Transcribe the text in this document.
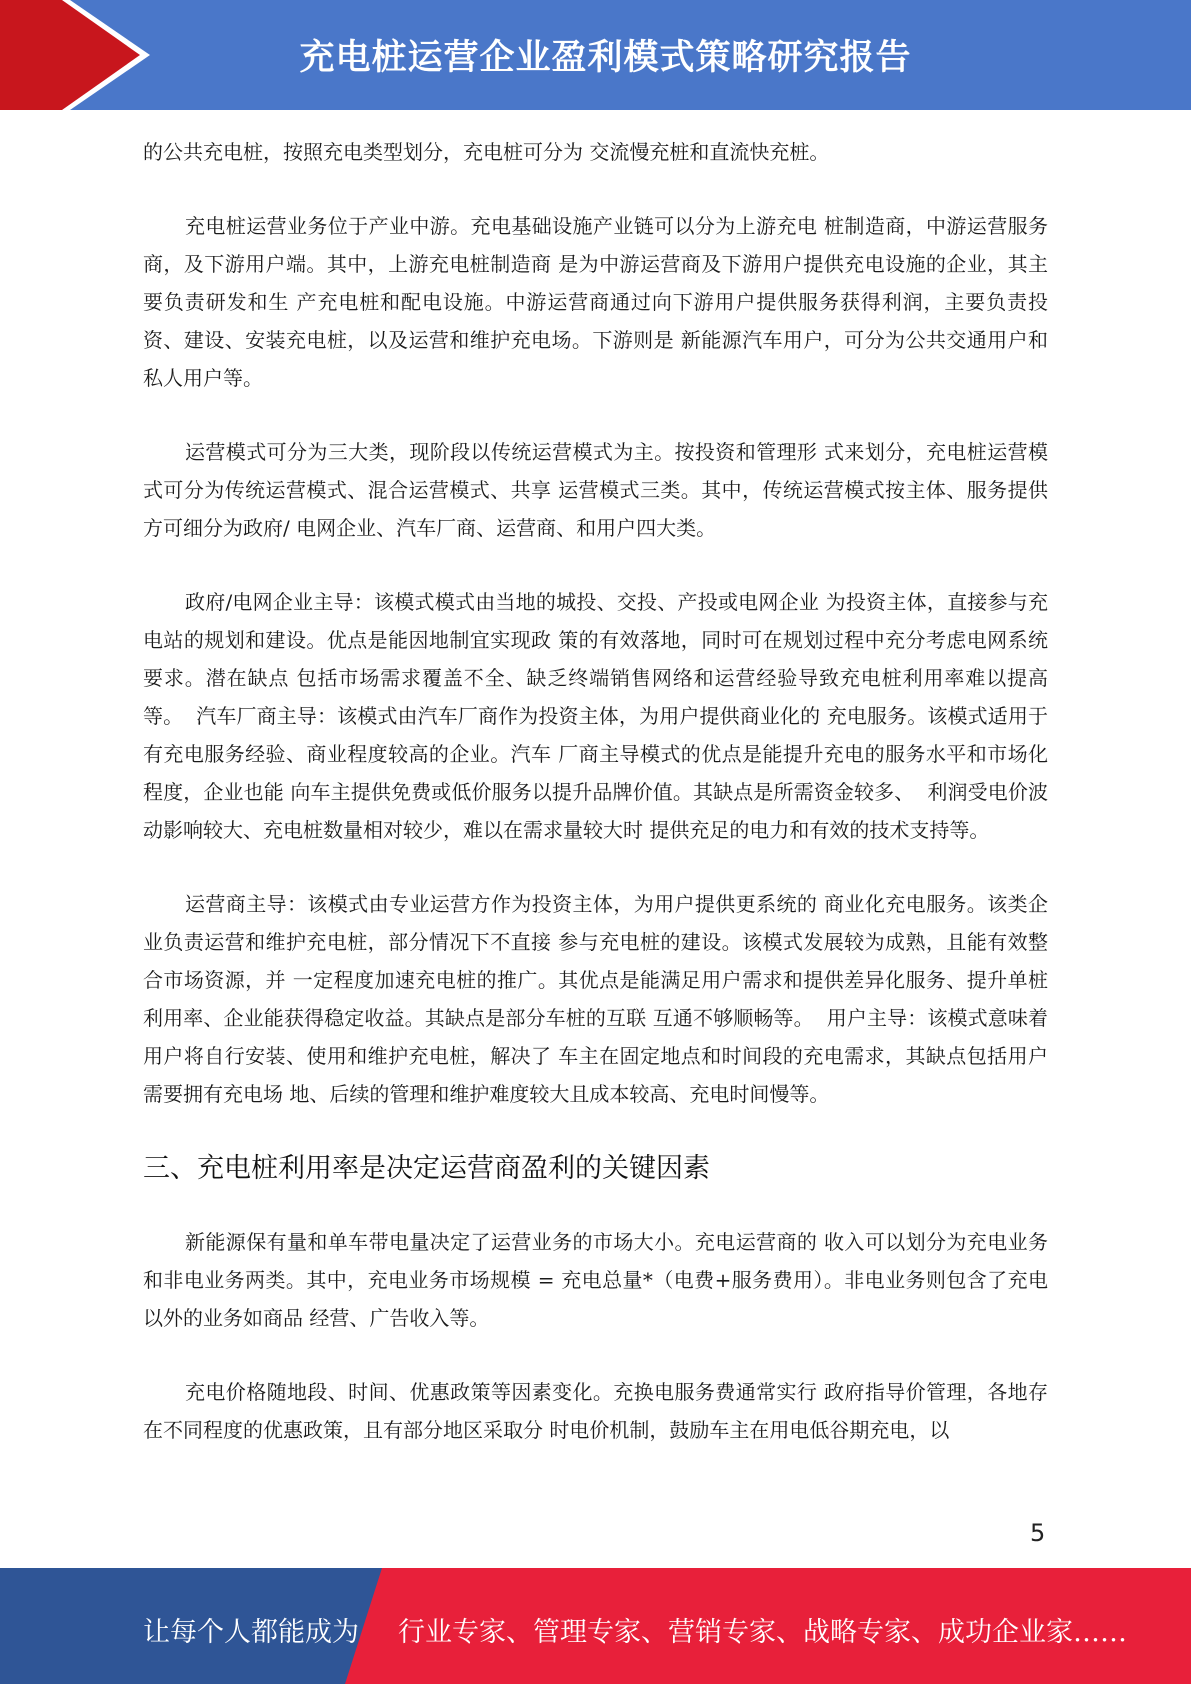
充电桩运营企业盈利模式策略研究报告

的公共充电桩，按照充电类型划分，充电桩可分为 交流慢充桩和直流快充桩。

充电桩运营业务位于产业中游。充电基础设施产业链可以分为上游充电 桩制造商，中游运营服务商，及下游用户端。其中，上游充电桩制造商 是为中游运营商及下游用户提供充电设施的企业，其主要负责研发和生 产充电桩和配电设施。中游运营商通过向下游用户提供服务获得利润，主要负责投资、建设、安装充电桩，以及运营和维护充电场。下游则是 新能源汽车用户，可分为公共交通用户和私人用户等。

运营模式可分为三大类，现阶段以传统运营模式为主。按投资和管理形 式来划分，充电桩运营模式可分为传统运营模式、混合运营模式、共享 运营模式三类。其中，传统运营模式按主体、服务提供方可细分为政府/ 电网企业、汽车厂商、运营商、和用户四大类。

政府/电网企业主导：该模式模式由当地的城投、交投、产投或电网企业 为投资主体，直接参与充电站的规划和建设。优点是能因地制宜实现政 策的有效落地，同时可在规划过程中充分考虑电网系统要求。潜在缺点 包括市场需求覆盖不全、缺乏终端销售网络和运营经验导致充电桩利用率难以提高等。  汽车厂商主导：该模式由汽车厂商作为投资主体，为用户提供商业化的 充电服务。该模式适用于有充电服务经验、商业程度较高的企业。汽车 厂商主导模式的优点是能提升充电的服务水平和市场化程度，企业也能 向车主提供免费或低价服务以提升品牌价值。其缺点是所需资金较多、  利润受电价波动影响较大、充电桩数量相对较少，难以在需求量较大时 提供充足的电力和有效的技术支持等。

运营商主导：该模式由专业运营方作为投资主体，为用户提供更系统的 商业化充电服务。该类企业负责运营和维护充电桩，部分情况下不直接 参与充电桩的建设。该模式发展较为成熟，且能有效整合市场资源，并 一定程度加速充电桩的推广。其优点是能满足用户需求和提供差异化服务、提升单桩利用率、企业能获得稳定收益。其缺点是部分车桩的互联 互通不够顺畅等。  用户主导：该模式意味着用户将自行安装、使用和维护充电桩，解决了 车主在固定地点和时间段的充电需求，其缺点包括用户需要拥有充电场 地、后续的管理和维护难度较大且成本较高、充电时间慢等。

三、充电桩利用率是决定运营商盈利的关键因素

新能源保有量和单车带电量决定了运营业务的市场大小。充电运营商的 收入可以划分为充电业务和非电业务两类。其中，充电业务市场规模 = 充电总量*（电费+服务费用）。非电业务则包含了充电以外的业务如商品 经营、广告收入等。

充电价格随地段、时间、优惠政策等因素变化。充换电服务费通常实行 政府指导价管理，各地存在不同程度的优惠政策，且有部分地区采取分 时电价机制，鼓励车主在用电低谷期充电，以

5
让每个人都能成为 行业专家、管理专家、营销专家、战略专家、成功企业家……
